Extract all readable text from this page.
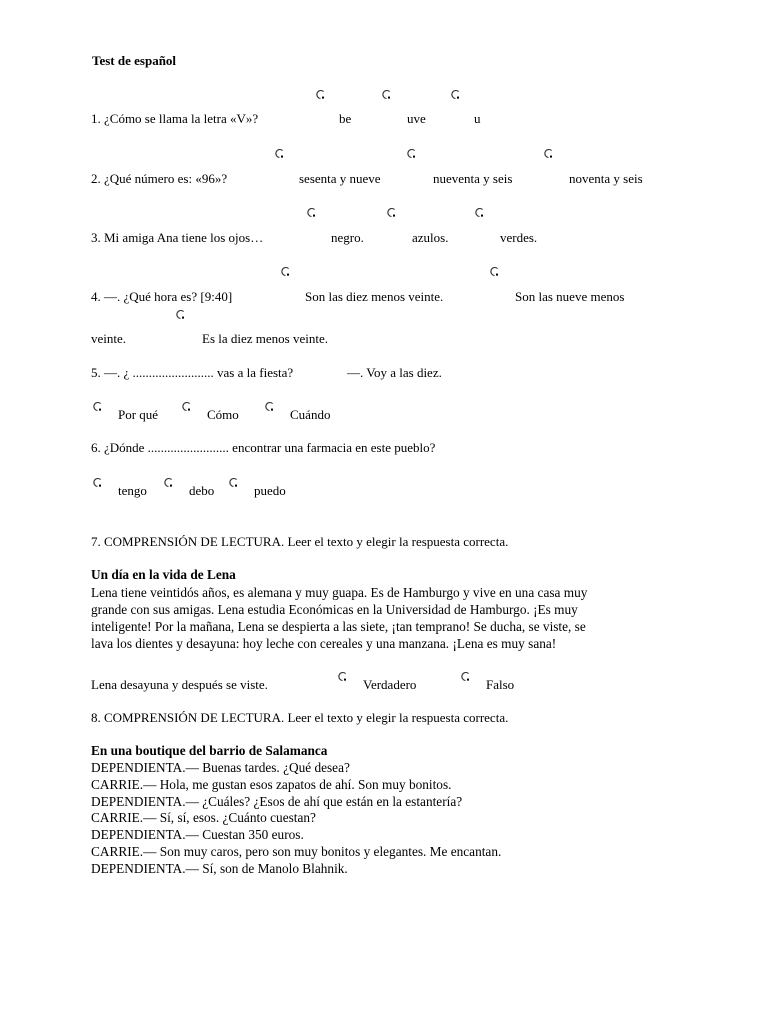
Test de español
1. ¿Cómo se llama la letra «V»?	be	uve	u
2. ¿Qué número es: «96»?	sesenta y nueve	nueventa y seis	noventa y seis
3. Mi amiga Ana tiene los ojos…	negro.	azulos.	verdes.
4. —. ¿Qué hora es? [9:40]	Son las diez menos veinte.	Son las nueve menos
veinte.	Es la diez menos veinte.
5. —. ¿ ......................... vas a la fiesta?	—. Voy a las diez.
Por qué	Cómo	Cuándo
6. ¿Dónde ......................... encontrar una farmacia en este pueblo?
tengo	debo	puedo
7. COMPRENSIÓN DE LECTURA. Leer el texto y elegir la respuesta correcta.
Un día en la vida de Lena

Lena tiene veintidós años, es alemana y muy guapa. Es de Hamburgo y vive en una casa muy

grande con sus amigas. Lena estudia Económicas en la Universidad de Hamburgo. ¡Es muy

inteligente! Por la mañana, Lena se despierta a las siete, ¡tan temprano! Se ducha, se viste, se

lava los dientes y desayuna: hoy leche con cereales y una manzana. ¡Lena es muy sana!

Lena desayuna y después se viste.	Verdadero	Falso
8. COMPRENSIÓN DE LECTURA. Leer el texto y elegir la respuesta correcta.
En una boutique del barrio de Salamanca
DEPENDIENTA.— Buenas tardes. ¿Qué desea?
CARRIE.— Hola, me gustan esos zapatos de ahí. Son muy bonitos.
DEPENDIENTA.— ¿Cuáles? ¿Esos de ahí que están en la estantería?
CARRIE.— Sí, sí, esos. ¿Cuánto cuestan?
DEPENDIENTA.— Cuestan 350 euros.
CARRIE.— Son muy caros, pero son muy bonitos y elegantes. Me encantan.
DEPENDIENTA.— Sí, son de Manolo Blahnik.
